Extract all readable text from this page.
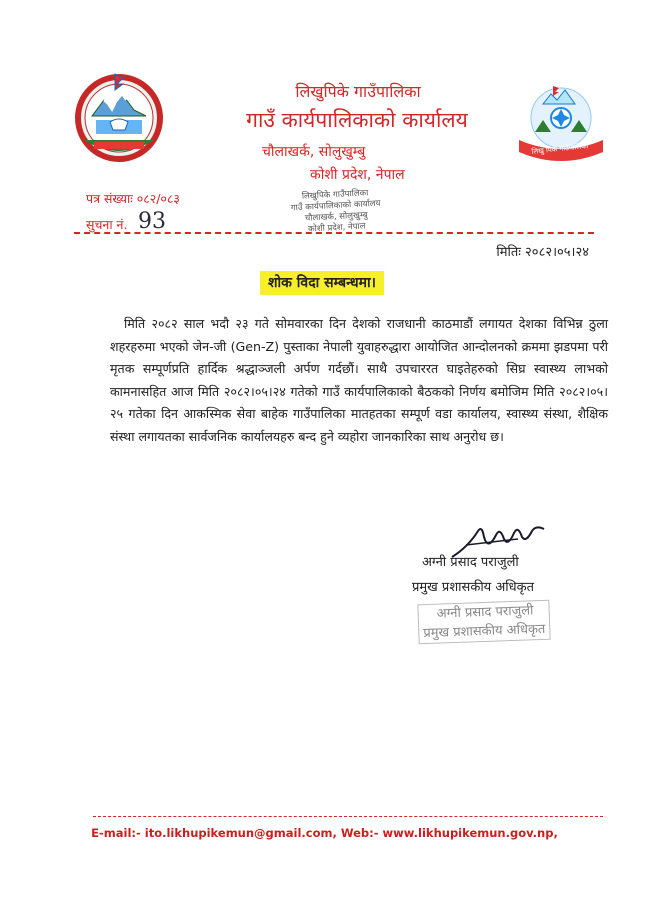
लिखुपिके गाउँपालिका
गाउँ कार्यपालिकाको कार्यालय
चौलाखर्क, सोलुखुम्बु
कोशी प्रदेश, नेपाल
लिखु पिके गाउँपालिका
पत्र संख्याः ०८२/०८३
सुचना नं. 93
लिखुपिके गाउँपालिका
गाउँ कार्यपालिकाको कार्यालय
चौलाखर्क, सोलुखुम्बु
कोशी प्रदेश, नेपाल
मितिः २०८२।०५।२४
शोक विदा सम्बन्धमा।
मिति २०८२ साल भदौ २३ गते सोमवारका दिन देशको राजधानी काठमाडौं लगायत देशका विभिन्न ठुला शहरहरुमा भएको जेन-जी (Gen-Z) पुस्ताका नेपाली युवाहरुद्धारा आयोजित आन्दोलनको क्रममा झडपमा परी मृतक सम्पूर्णप्रति हार्दिक श्रद्धाञ्जली अर्पण गर्दछौं। साथै उपचाररत घाइतेहरुको सिघ्र स्वास्थ्य लाभको कामनासहित आज मिति २०८२।०५।२४ गतेको गाउँ कार्यपालिकाको बैठकको निर्णय बमोजिम मिति २०८२।०५।२५ गतेका दिन आकस्मिक सेवा बाहेक गाउँपालिका मातहतका सम्पूर्ण वडा कार्यालय, स्वास्थ्य संस्था, शैक्षिक संस्था लगायतका सार्वजनिक कार्यालयहरु बन्द हुने व्यहोरा जानकारिका साथ अनुरोध छ।
अग्नी प्रसाद पराजुली
प्रमुख प्रशासकीय अधिकृत
अग्नी प्रसाद पराजुली
प्रमुख प्रशासकीय अधिकृत
E-mail:- ito.likhupikemun@gmail.com, Web:- www.likhupikemun.gov.np,
